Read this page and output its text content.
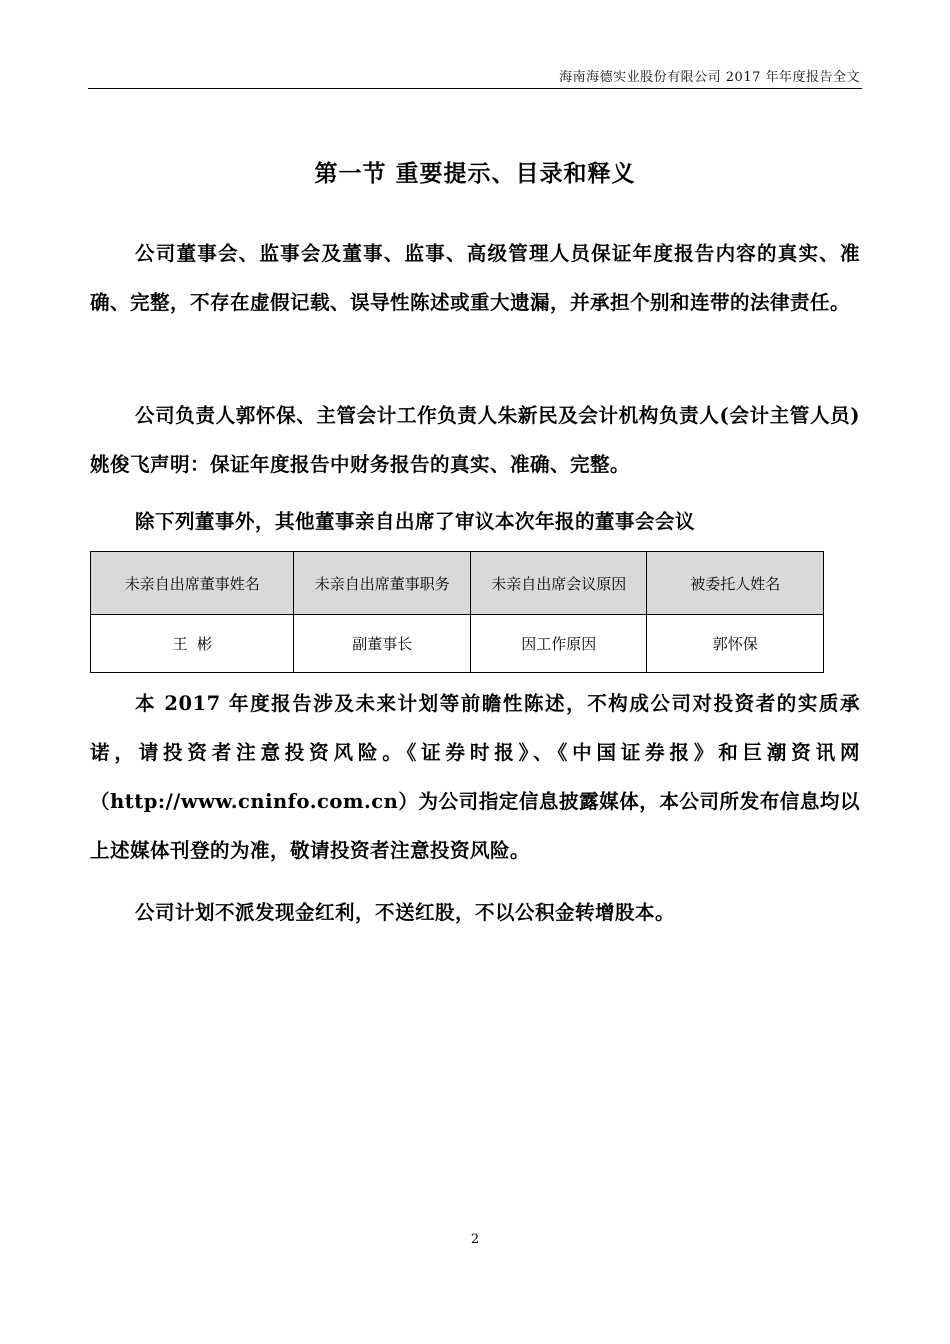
海南海德实业股份有限公司 2017 年年度报告全文
第一节 重要提示、目录和释义

公司董事会、监事会及董事、监事、高级管理人员保证年度报告内容的真实、准确、完整，不存在虚假记载、误导性陈述或重大遗漏，并承担个别和连带的法律责任。

公司负责人郭怀保、主管会计工作负责人朱新民及会计机构负责人(会计主管人员)姚俊飞声明：保证年度报告中财务报告的真实、准确、完整。

除下列董事外，其他董事亲自出席了审议本次年报的董事会会议

未亲自出席董事姓名	未亲自出席董事职务	未亲自出席会议原因	被委托人姓名
王  彬	副董事长	因工作原因	郭怀保

本 2017 年度报告涉及未来计划等前瞻性陈述，不构成公司对投资者的实质承诺，请投资者注意投资风险。《证券时报》、《中国证券报》和巨潮资讯网（http://www.cninfo.com.cn）为公司指定信息披露媒体，本公司所发布信息均以上述媒体刊登的为准，敬请投资者注意投资风险。

公司计划不派发现金红利，不送红股，不以公积金转增股本。

2
